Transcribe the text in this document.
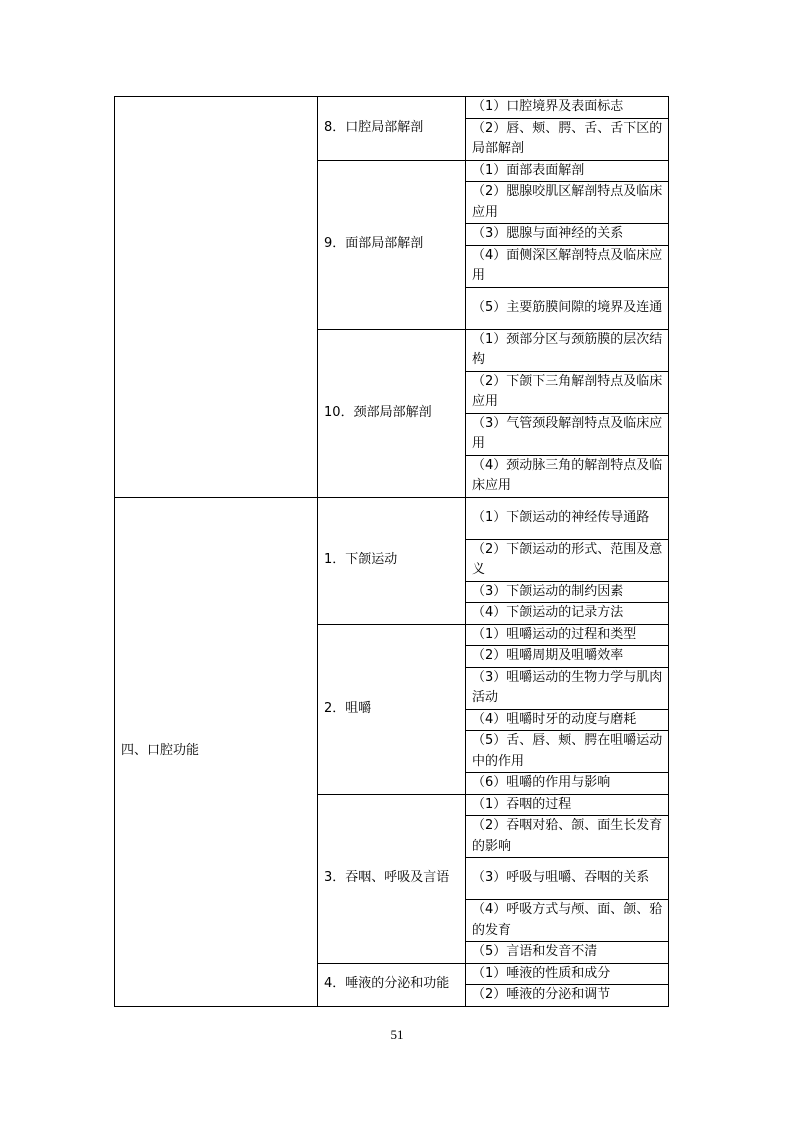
	8．口腔局部解剖	（1）口腔境界及表面标志
		（2）唇、颊、腭、舌、舌下区的局部解剖
	9．面部局部解剖	（1）面部表面解剖
		（2）腮腺咬肌区解剖特点及临床应用
		（3）腮腺与面神经的关系
		（4）面侧深区解剖特点及临床应用
		（5）主要筋膜间隙的境界及连通
	10．颈部局部解剖	（1）颈部分区与颈筋膜的层次结构
		（2）下颌下三角解剖特点及临床应用
		（3）气管颈段解剖特点及临床应用
		（4）颈动脉三角的解剖特点及临床应用
四、口腔功能	1．下颌运动	（1）下颌运动的神经传导通路
		（2）下颌运动的形式、范围及意义
		（3）下颌运动的制约因素
		（4）下颌运动的记录方法
	2．咀嚼	（1）咀嚼运动的过程和类型
		（2）咀嚼周期及咀嚼效率
		（3）咀嚼运动的生物力学与肌肉活动
		（4）咀嚼时牙的动度与磨耗
		（5）舌、唇、颊、腭在咀嚼运动中的作用
		（6）咀嚼的作用与影响
	3．吞咽、呼吸及言语	（1）吞咽的过程
		（2）吞咽对𬌗、颌、面生长发育的影响
		（3）呼吸与咀嚼、吞咽的关系
		（4）呼吸方式与颅、面、颌、𬌗的发育
		（5）言语和发音不清
	4．唾液的分泌和功能	（1）唾液的性质和成分
		（2）唾液的分泌和调节
51
